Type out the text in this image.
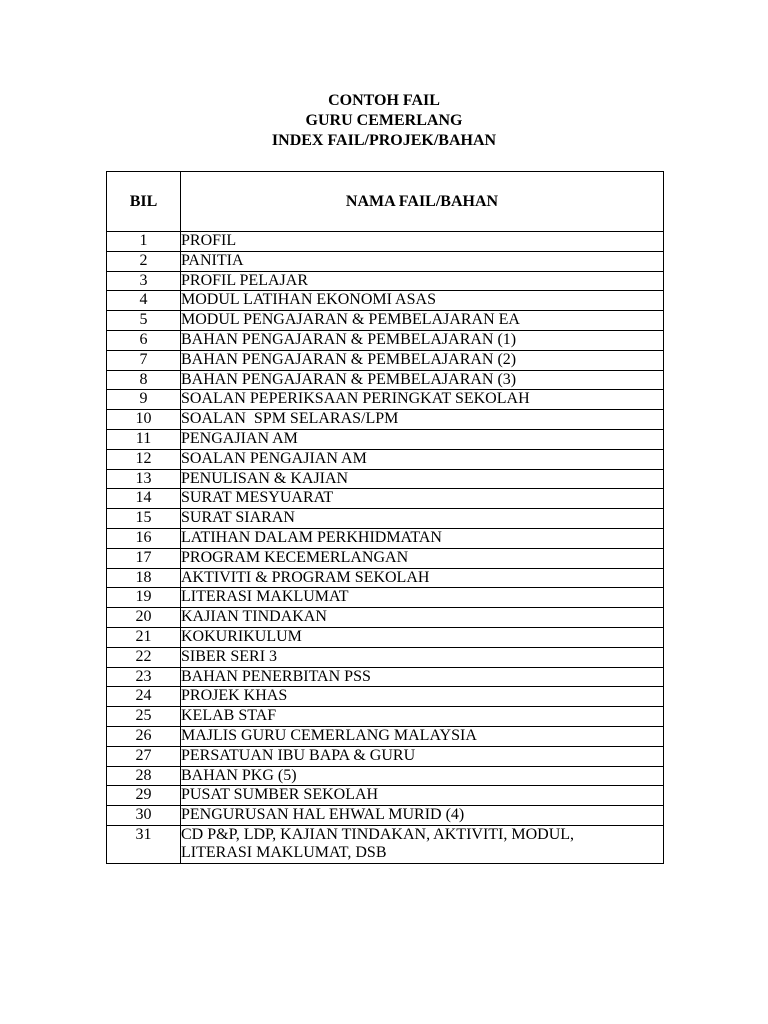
CONTOH FAIL
GURU CEMERLANG
INDEX FAIL/PROJEK/BAHAN
BIL	NAMA FAIL/BAHAN
1	PROFIL
2	PANITIA
3	PROFIL PELAJAR
4	MODUL LATIHAN EKONOMI ASAS
5	MODUL PENGAJARAN & PEMBELAJARAN EA
6	BAHAN PENGAJARAN & PEMBELAJARAN (1)
7	BAHAN PENGAJARAN & PEMBELAJARAN (2)
8	BAHAN PENGAJARAN & PEMBELAJARAN (3)
9	SOALAN PEPERIKSAAN PERINGKAT SEKOLAH
10	SOALAN  SPM SELARAS/LPM
11	PENGAJIAN AM
12	SOALAN PENGAJIAN AM
13	PENULISAN & KAJIAN
14	SURAT MESYUARAT
15	SURAT SIARAN
16	LATIHAN DALAM PERKHIDMATAN
17	PROGRAM KECEMERLANGAN
18	AKTIVITI & PROGRAM SEKOLAH
19	LITERASI MAKLUMAT
20	KAJIAN TINDAKAN
21	KOKURIKULUM
22	SIBER SERI 3
23	BAHAN PENERBITAN PSS
24	PROJEK KHAS
25	KELAB STAF
26	MAJLIS GURU CEMERLANG MALAYSIA
27	PERSATUAN IBU BAPA & GURU
28	BAHAN PKG (5)
29	PUSAT SUMBER SEKOLAH
30	PENGURUSAN HAL EHWAL MURID (4)
31	CD P&P, LDP, KAJIAN TINDAKAN, AKTIVITI, MODUL,
LITERASI MAKLUMAT, DSB
